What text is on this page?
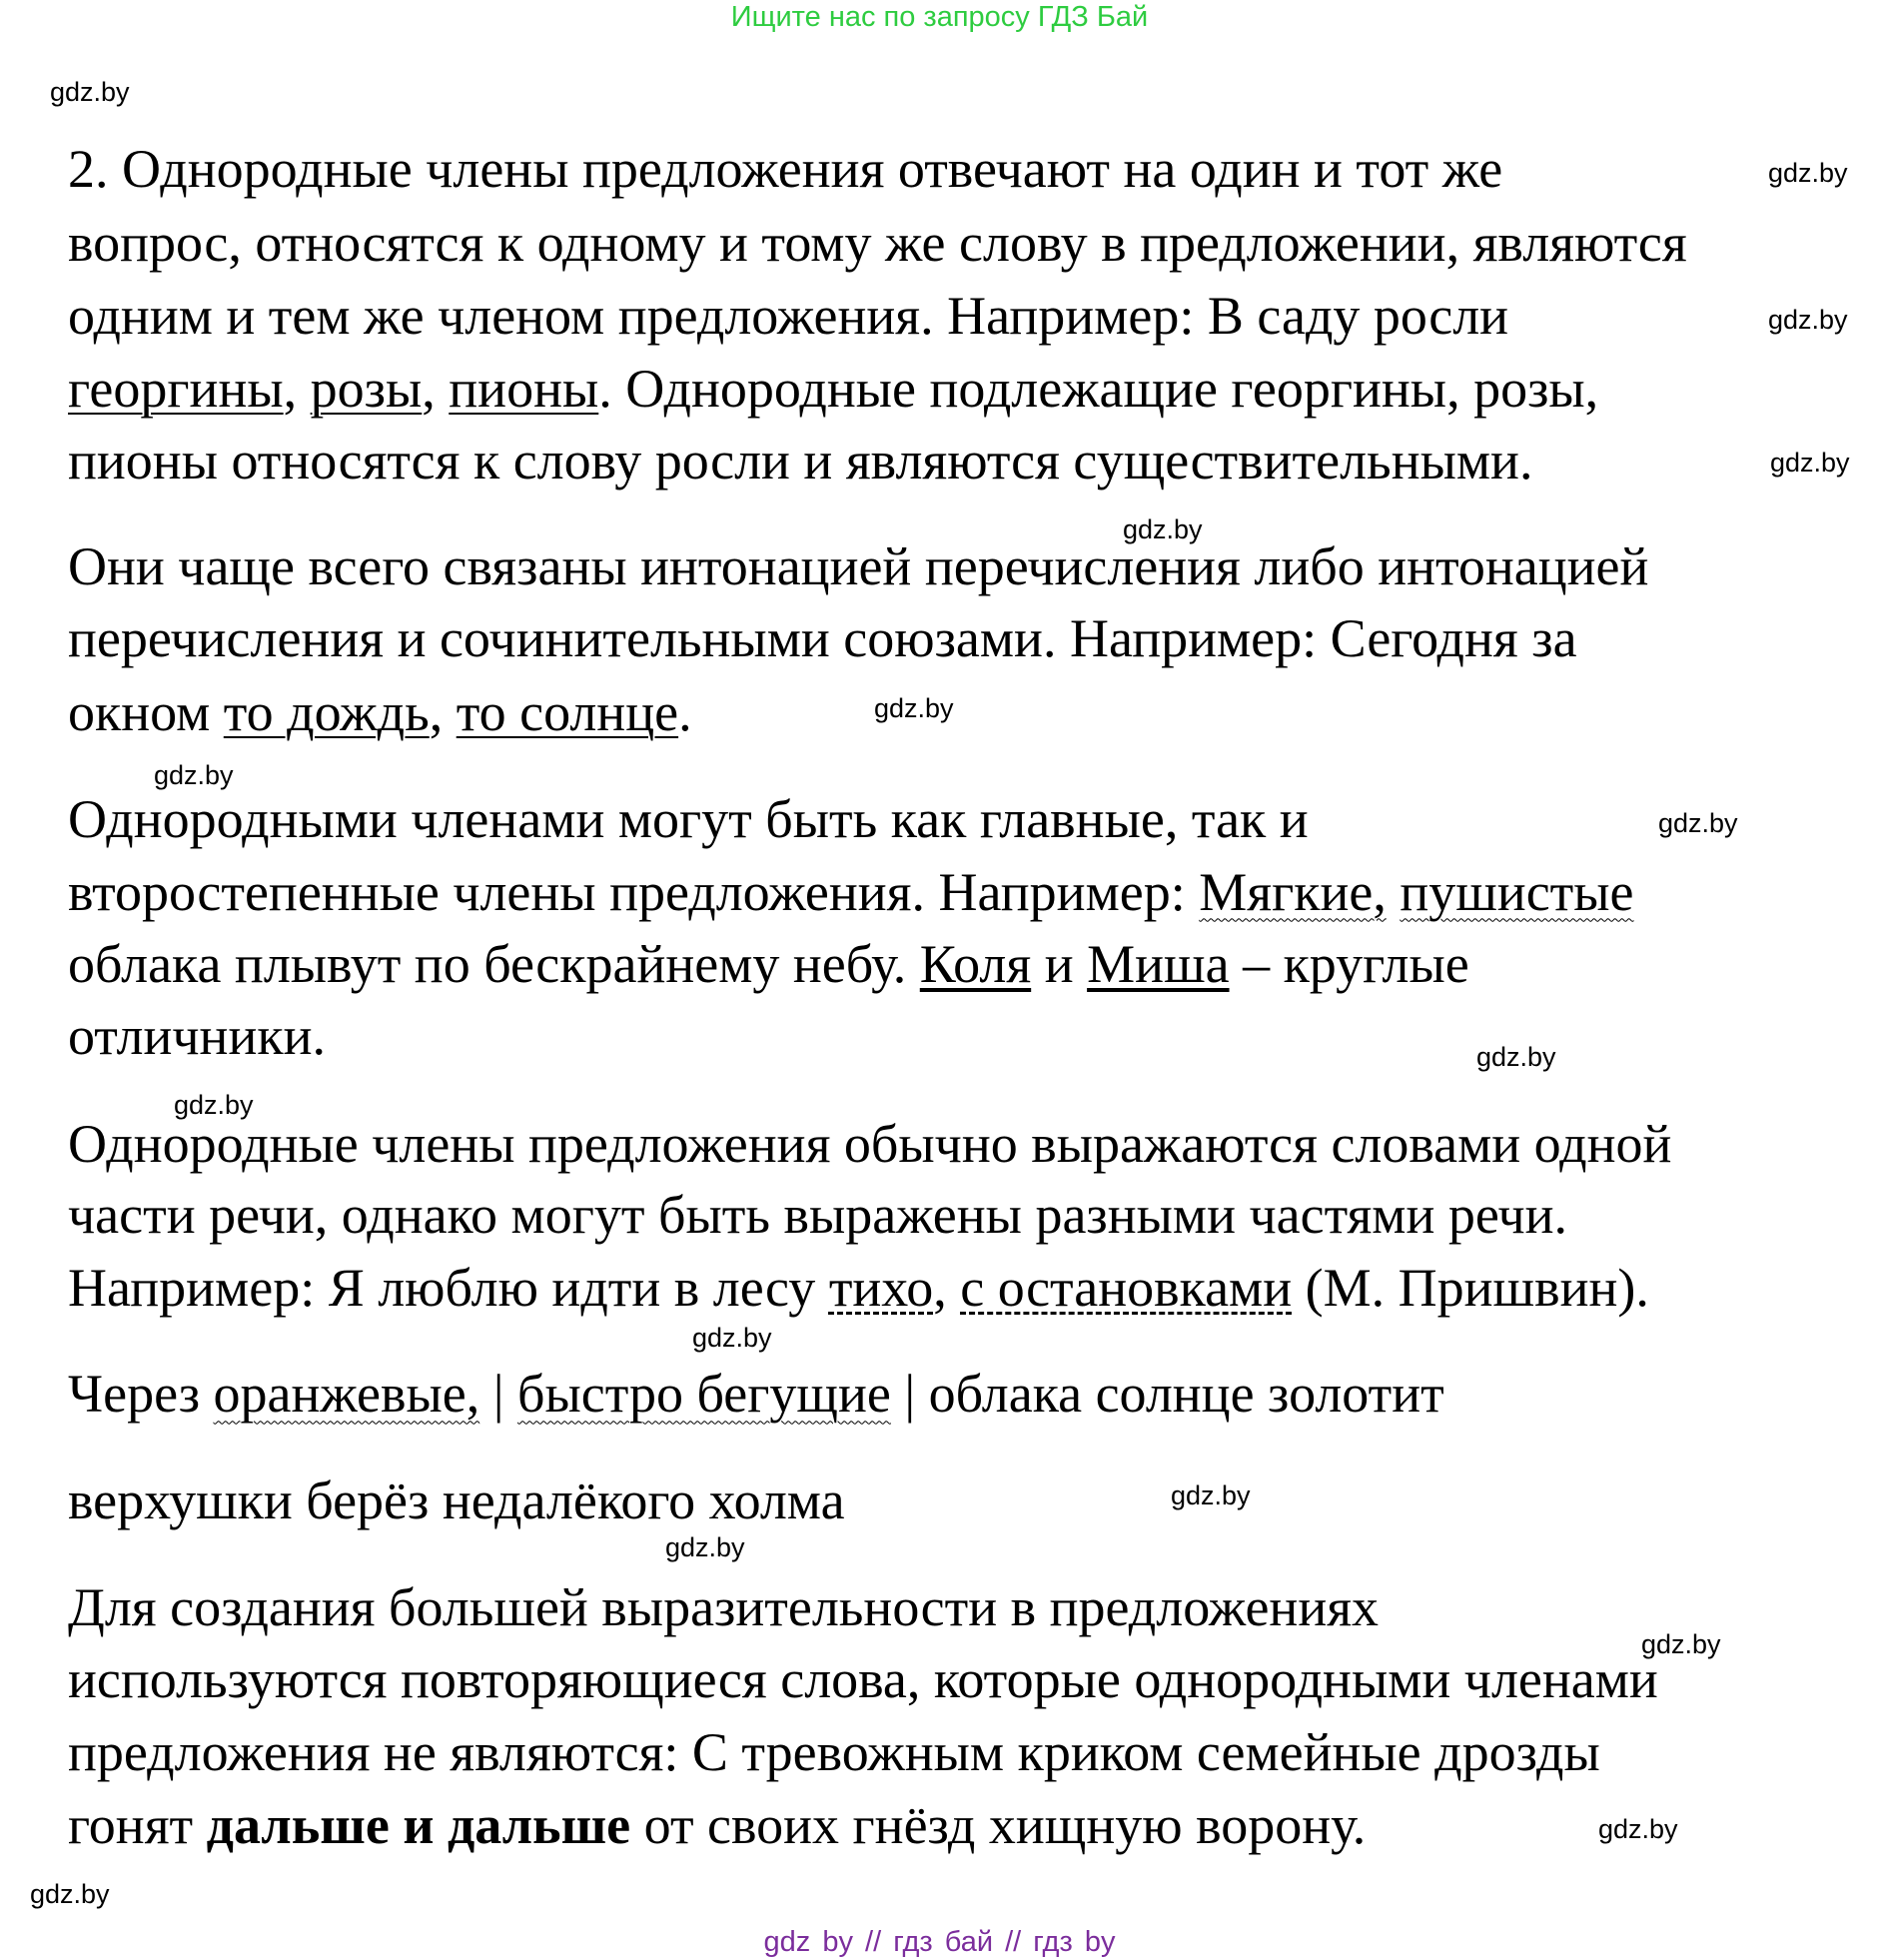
Ищите нас по запросу ГДЗ Бай
2. Однородные члены предложения отвечают на один и тот же
вопрос, относятся к одному и тому же слову в предложении, являются
одним и тем же членом предложения. Например: В саду росли
георгины, розы, пионы. Однородные подлежащие георгины, розы,
пионы относятся к слову росли и являются существительными.
Они чаще всего связаны интонацией перечисления либо интонацией
перечисления и сочинительными союзами. Например: Сегодня за
окном то дождь, то солнце.
Однородными членами могут быть как главные, так и
второстепенные члены предложения. Например: Мягкие, пушистые
облака плывут по бескрайнему небу. Коля и Миша – круглые
отличники.
Однородные члены предложения обычно выражаются словами одной
части речи, однако могут быть выражены разными частями речи.
Например: Я люблю идти в лесу тихо, с остановками (М. Пришвин).
Через оранжевые, | быстро бегущие | облака солнце золотит
верхушки берёз недалёкого холма
Для создания большей выразительности в предложениях
используются повторяющиеся слова, которые однородными членами
предложения не являются: С тревожным криком семейные дрозды
гонят дальше и дальше от своих гнёзд хищную ворону.
gdz.by
gdz.by
gdz.by
gdz.by
gdz.by
gdz.by
gdz.by
gdz.by
gdz.by
gdz.by
gdz.by
gdz.by
gdz.by
gdz.by
gdz.by
gdz.by
gdz by // гдз бай // гдз by
